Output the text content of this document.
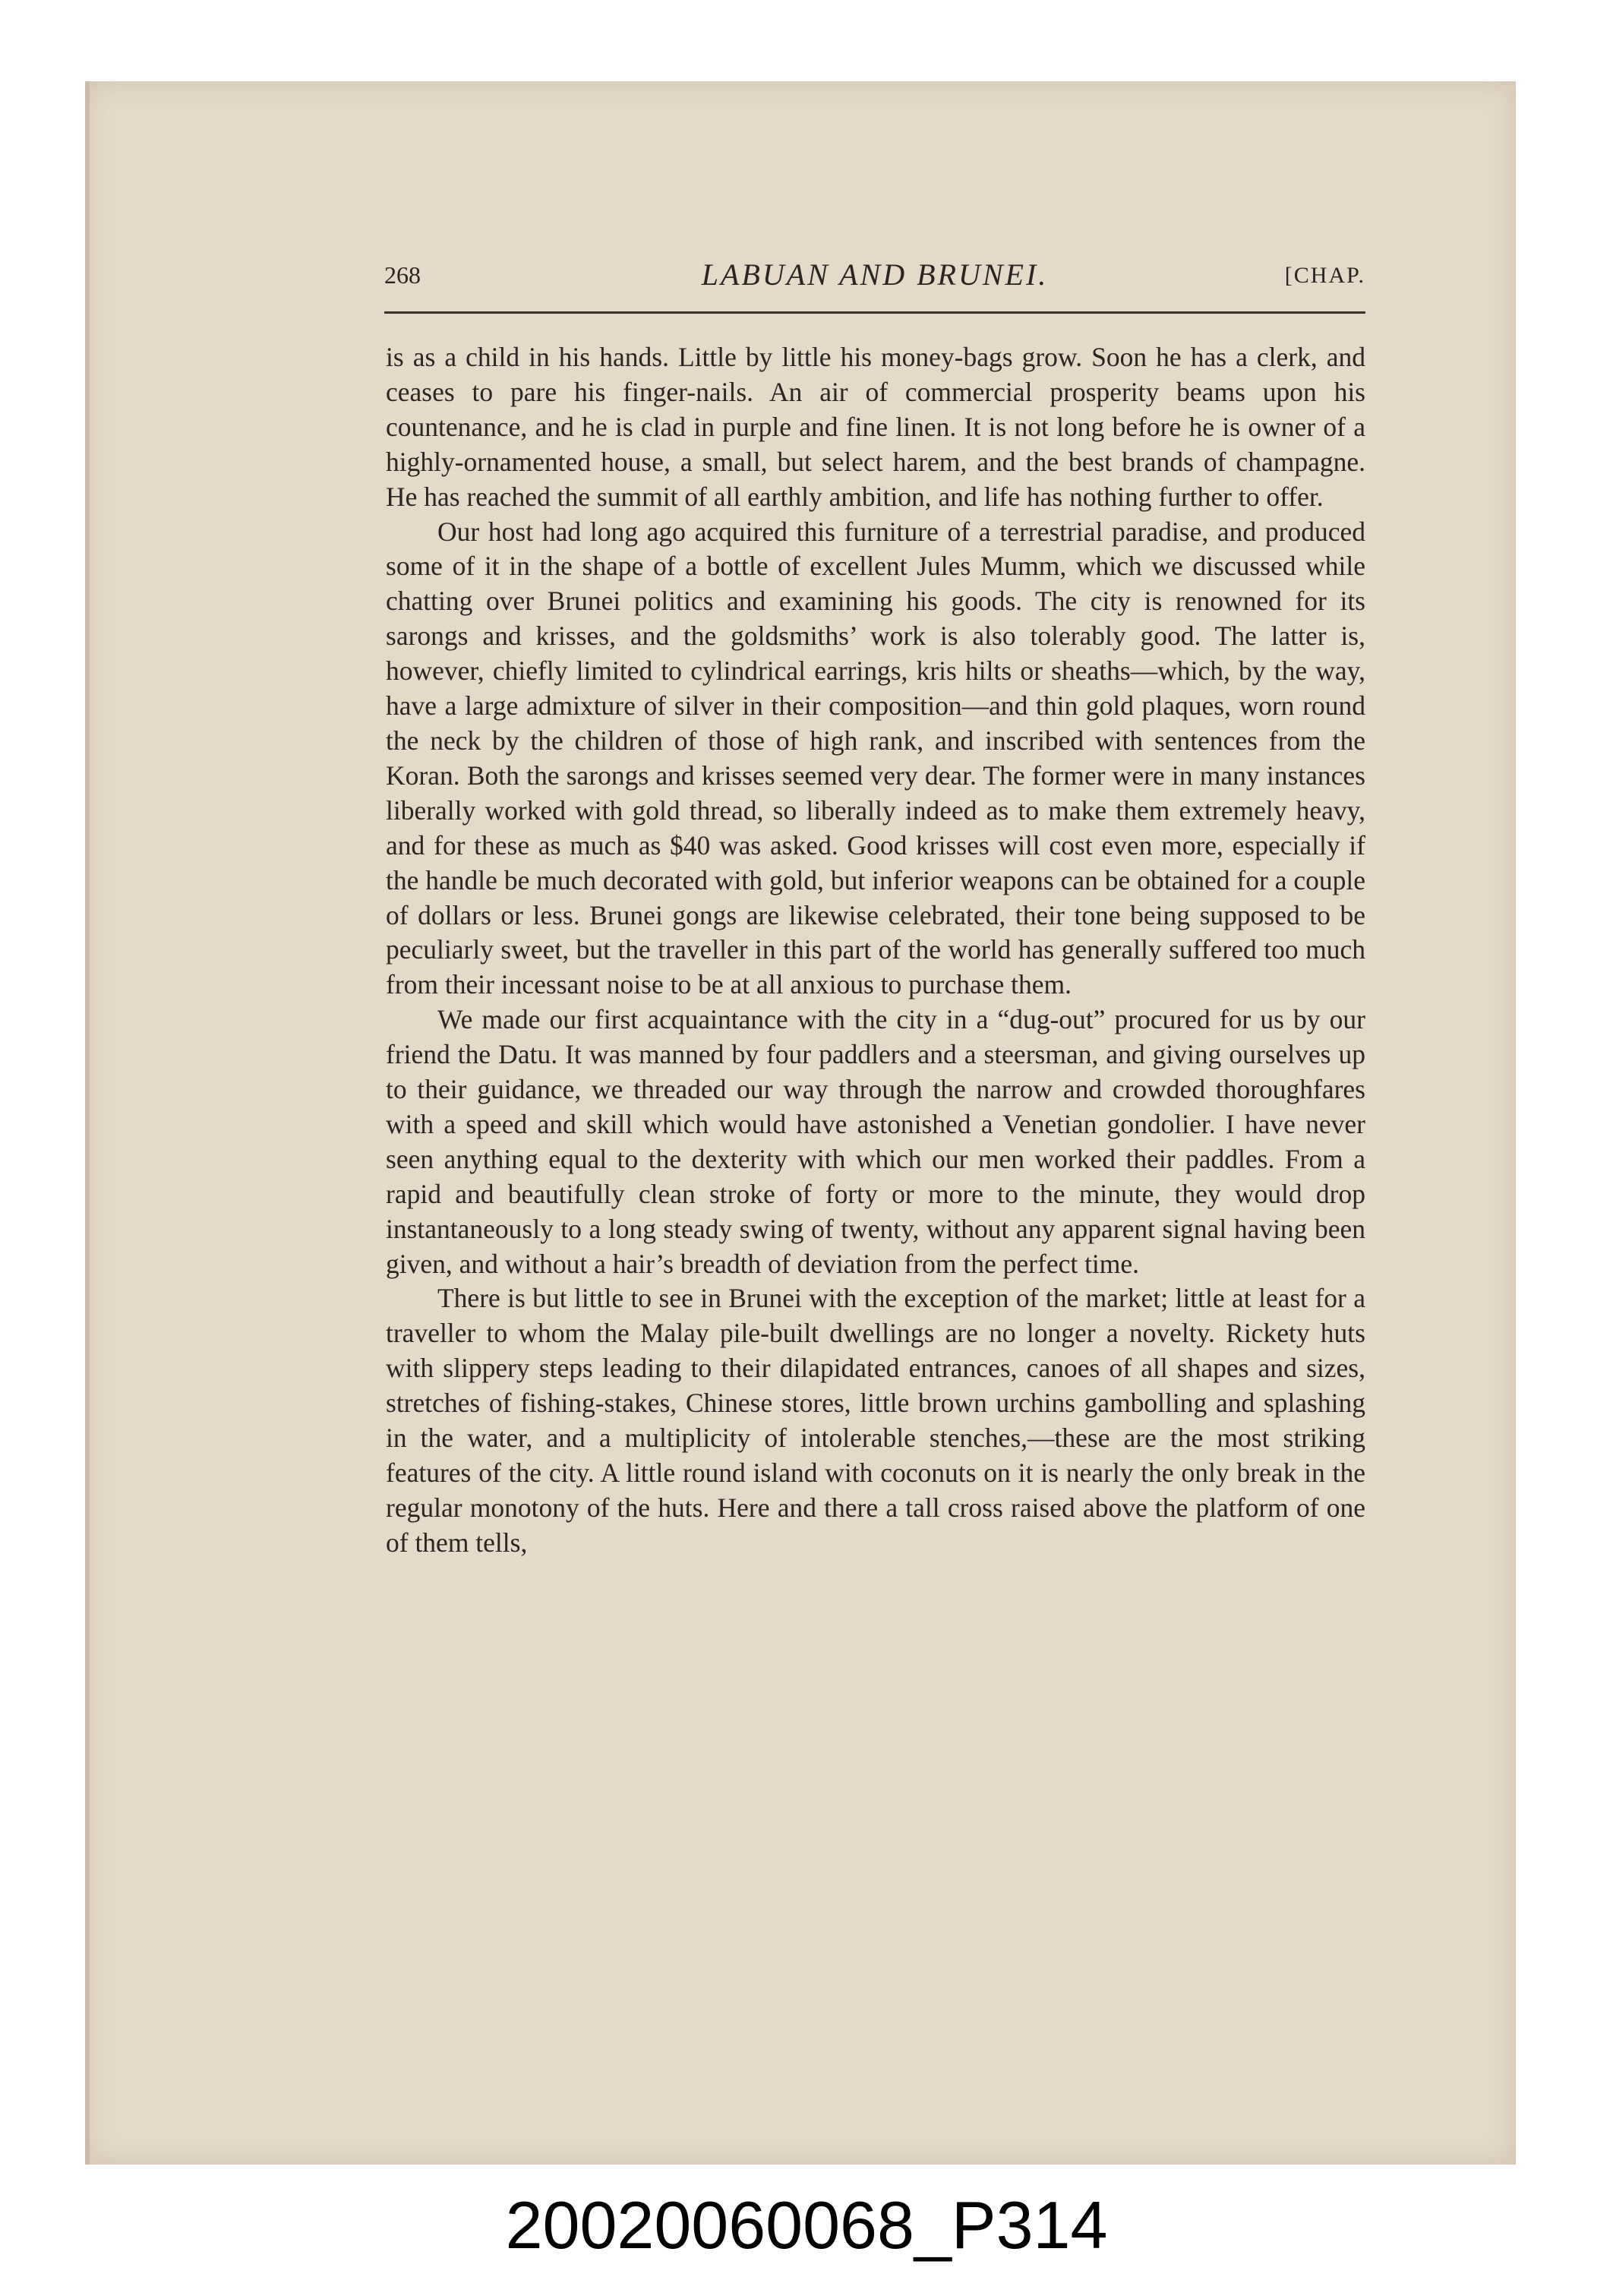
268	LABUAN AND BRUNEI.	[CHAP.

is as a child in his hands. Little by little his money-bags grow. Soon he has a clerk, and ceases to pare his finger-nails. An air of commercial prosperity beams upon his countenance, and he is clad in purple and fine linen. It is not long before he is owner of a highly-ornamented house, a small, but select harem, and the best brands of champagne. He has reached the summit of all earthly ambition, and life has nothing further to offer.

Our host had long ago acquired this furniture of a terrestrial paradise, and produced some of it in the shape of a bottle of excellent Jules Mumm, which we discussed while chatting over Brunei politics and examining his goods. The city is renowned for its sarongs and krisses, and the goldsmiths’ work is also tolerably good. The latter is, however, chiefly limited to cylindrical earrings, kris hilts or sheaths—which, by the way, have a large admixture of silver in their composition—and thin gold plaques, worn round the neck by the children of those of high rank, and inscribed with sentences from the Koran. Both the sarongs and krisses seemed very dear. The former were in many instances liberally worked with gold thread, so liberally indeed as to make them extremely heavy, and for these as much as $40 was asked. Good krisses will cost even more, especially if the handle be much decorated with gold, but inferior weapons can be obtained for a couple of dollars or less. Brunei gongs are likewise celebrated, their tone being supposed to be peculiarly sweet, but the traveller in this part of the world has generally suffered too much from their incessant noise to be at all anxious to purchase them.

We made our first acquaintance with the city in a “dug-out” procured for us by our friend the Datu. It was manned by four paddlers and a steersman, and giving ourselves up to their guidance, we threaded our way through the narrow and crowded thoroughfares with a speed and skill which would have astonished a Venetian gondolier. I have never seen anything equal to the dexterity with which our men worked their paddles. From a rapid and beautifully clean stroke of forty or more to the minute, they would drop instantaneously to a long steady swing of twenty, without any apparent signal having been given, and without a hair’s breadth of deviation from the perfect time.

There is but little to see in Brunei with the exception of the market; little at least for a traveller to whom the Malay pile-built dwellings are no longer a novelty. Rickety huts with slippery steps leading to their dilapidated entrances, canoes of all shapes and sizes, stretches of fishing-stakes, Chinese stores, little brown urchins gambolling and splashing in the water, and a multiplicity of intolerable stenches,—these are the most striking features of the city. A little round island with coconuts on it is nearly the only break in the regular monotony of the huts. Here and there a tall cross raised above the platform of one of them tells,

20020060068_P314
